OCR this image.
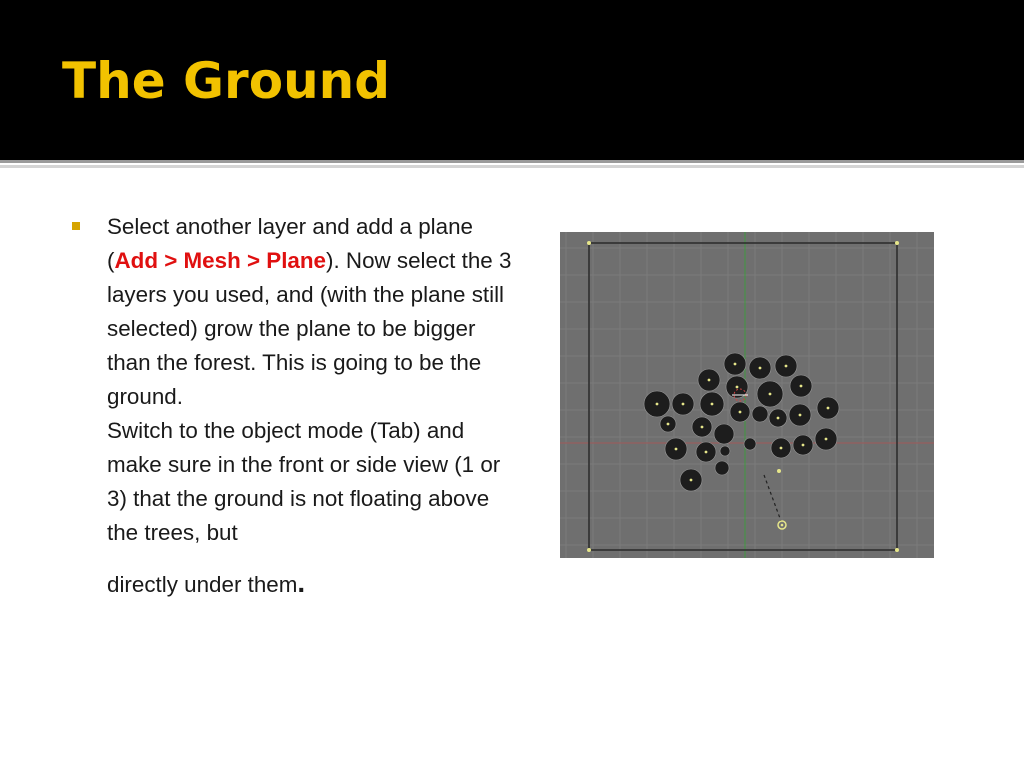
The Ground
Select another layer and add a plane (Add > Mesh > Plane). Now select the 3 layers you used, and (with the plane still selected) grow the plane to be bigger than the forest. This is going to be the ground.
Switch to the object mode (Tab) and make sure in the front or side view (1 or 3) that the ground is not floating above the trees, but
directly under them.
